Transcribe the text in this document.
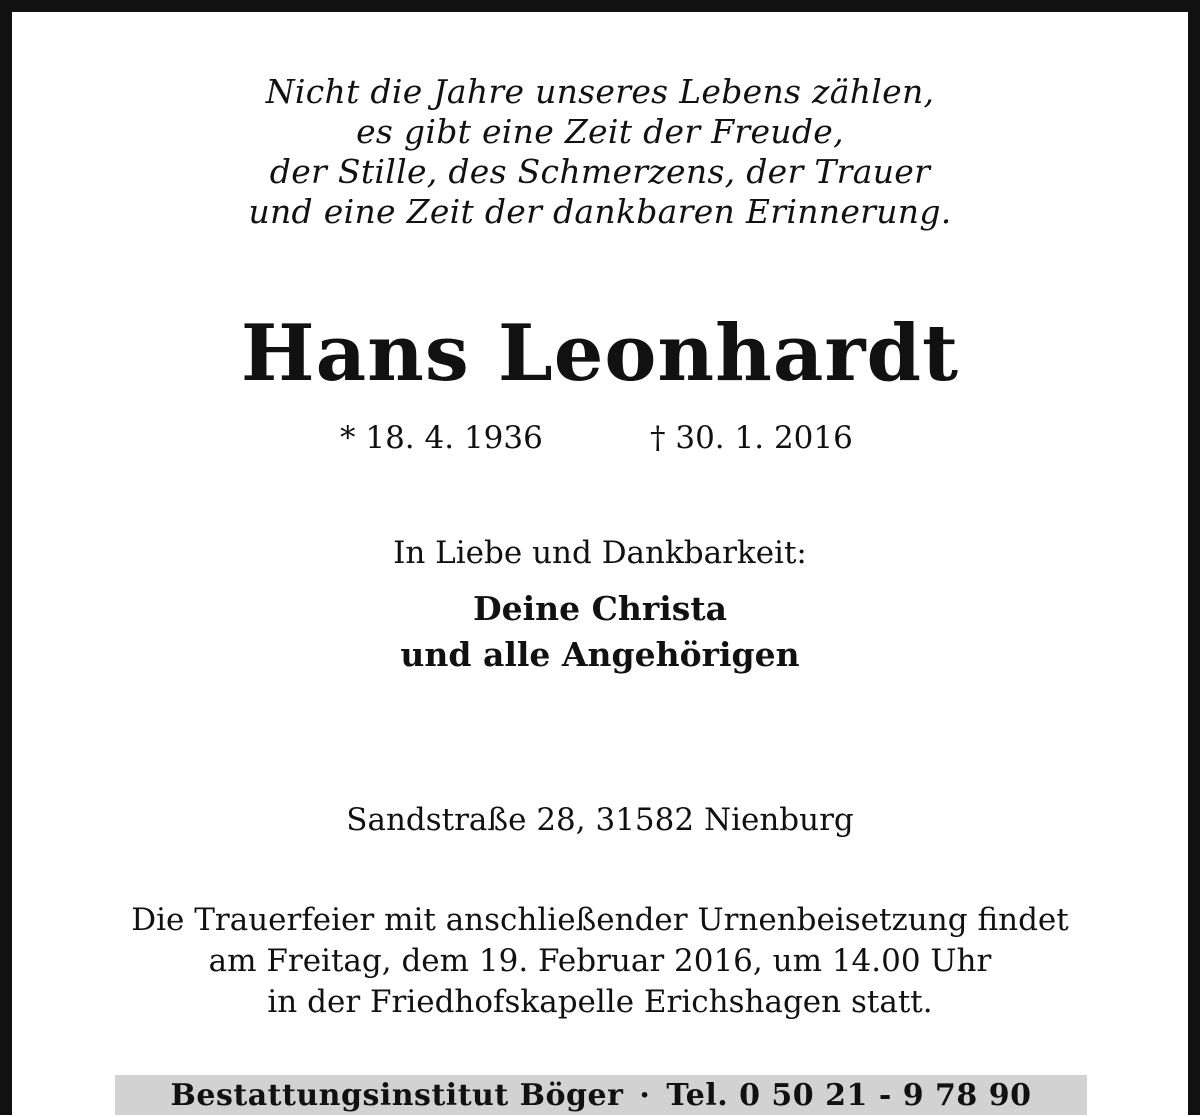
Nicht die Jahre unseres Lebens zählen,
es gibt eine Zeit der Freude,
der Stille, des Schmerzens, der Trauer
und eine Zeit der dankbaren Erinnerung.
Hans Leonhardt
* 18. 4. 1936	† 30. 1. 2016
In Liebe und Dankbarkeit:
Deine Christa
und alle Angehörigen
Sandstraße 28, 31582 Nienburg
Die Trauerfeier mit anschließender Urnenbeisetzung findet
am Freitag, dem 19. Februar 2016, um 14.00 Uhr
in der Friedhofskapelle Erichshagen statt.
Bestattungsinstitut Böger · Tel. 0 50 21 - 9 78 90
